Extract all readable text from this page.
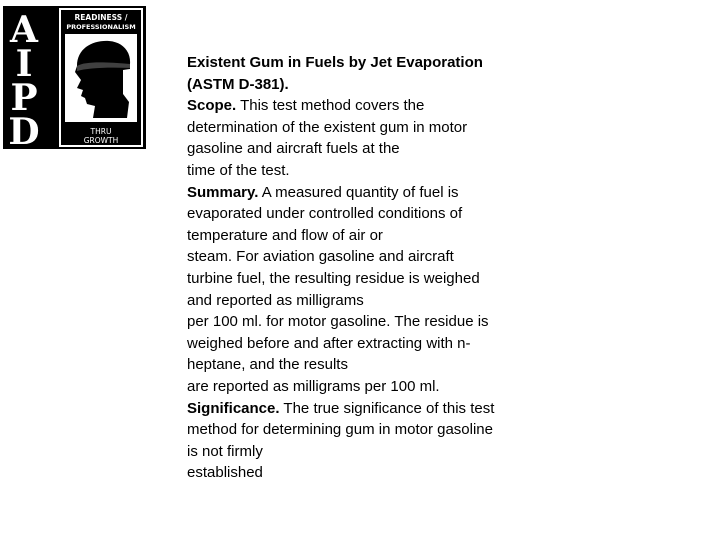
A
I
P
D
READINESS /
PROFESSIONALISM
THRU
GROWTH

Existent Gum in Fuels by Jet Evaporation

(ASTM D-381).

Scope. This test method covers the

determination of the existent gum in motor

gasoline and aircraft fuels at the

time of the test.

Summary. A measured quantity of fuel is

evaporated under controlled conditions of

temperature and flow of air or

steam. For aviation gasoline and aircraft

turbine fuel, the resulting residue is weighed

and reported as milligrams

per 100 ml. for motor gasoline. The residue is

weighed before and after extracting with n-

heptane, and the results

are reported as milligrams per 100 ml.

Significance. The true significance of this test

method for determining gum in motor gasoline

is not firmly

established
